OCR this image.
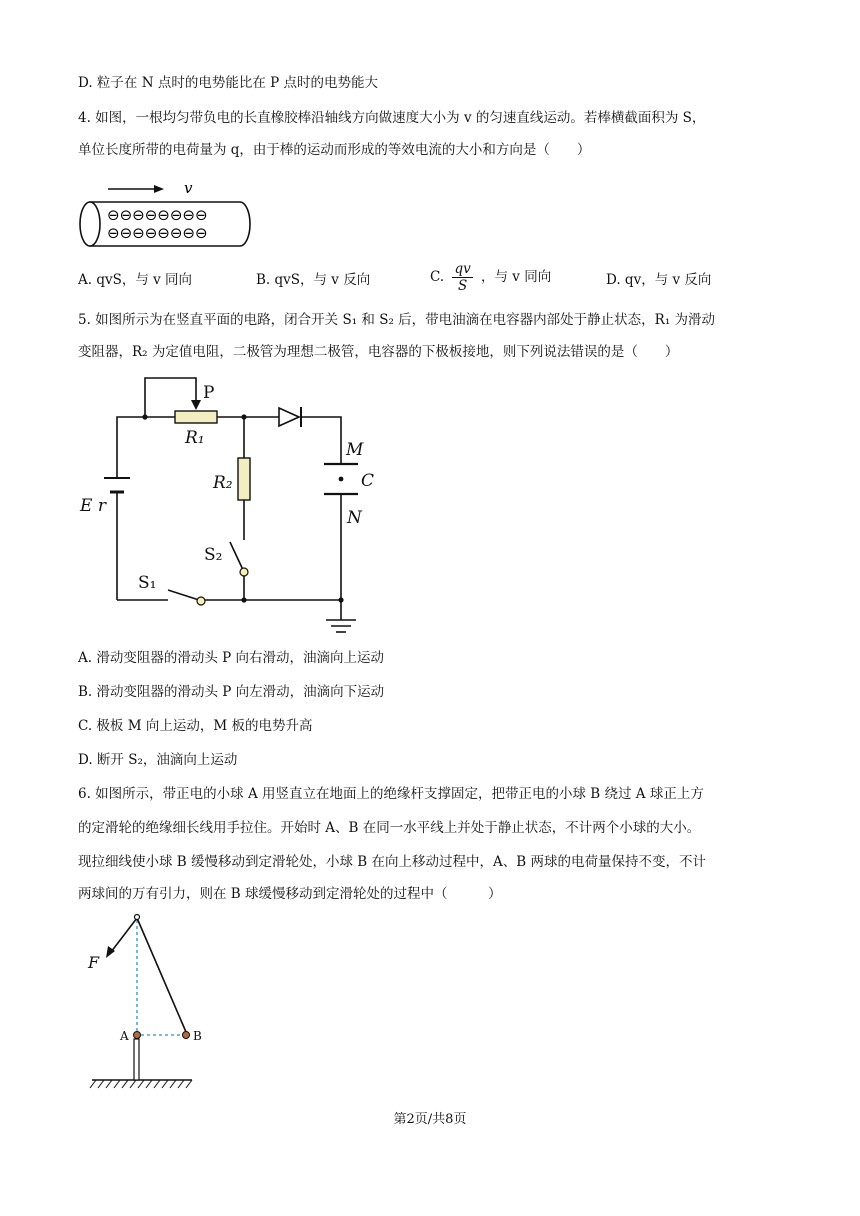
D. 粒子在 N 点时的电势能比在 P 点时的电势能大
4. 如图，一根均匀带负电的长直橡胶棒沿轴线方向做速度大小为 v 的匀速直线运动。若棒横截面积为 S，
单位长度所带的电荷量为 q，由于棒的运动而形成的等效电流的大小和方向是（　　）
v
⊖⊖⊖⊖⊖⊖⊖⊖
⊖⊖⊖⊖⊖⊖⊖⊖
A. qvS，与 v 同向	B. qvS，与 v 反向	C. $\frac{qv}{S}$ ，与 v 同向	D. qv，与 v 反向
5. 如图所示为在竖直平面的电路，闭合开关 S₁ 和 S₂ 后，带电油滴在电容器内部处于静止状态，R₁ 为滑动
变阻器，R₂ 为定值电阻，二极管为理想二极管，电容器的下极板接地，则下列说法错误的是（　　）
P
R₁
R₂
M
C
N
E r
S₁
S₂
A. 滑动变阻器的滑动头 P 向右滑动，油滴向上运动
B. 滑动变阻器的滑动头 P 向左滑动，油滴向下运动
C. 极板 M 向上运动，M 板的电势升高
D. 断开 S₂，油滴向上运动
6. 如图所示，带正电的小球 A 用竖直立在地面上的绝缘杆支撑固定，把带正电的小球 B 绕过 A 球正上方
的定滑轮的绝缘细长线用手拉住。开始时 A、B 在同一水平线上并处于静止状态，不计两个小球的大小。
现拉细线使小球 B 缓慢移动到定滑轮处，小球 B 在向上移动过程中，A、B 两球的电荷量保持不变，不计
两球间的万有引力，则在 B 球缓慢移动到定滑轮处的过程中（　　　）
F
A	B
第2页/共8页
